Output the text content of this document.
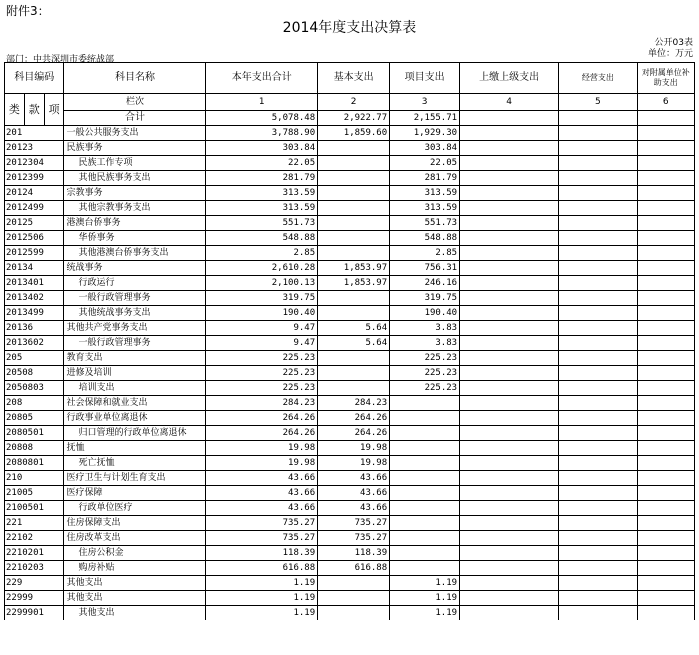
附件3：
2014年度支出决算表
部门：中共深圳市委统战部
公开03表
单位：万元
科目编码			科目名称	本年支出合计	基本支出	项目支出	上缴上级支出	经营支出	对附属单位补助支出
类	款	项	栏次	1	2	3	4	5	6
			合计	5,078.48	2,922.77	2,155.71			
201			一般公共服务支出	3,788.90	1,859.60	1,929.30			
20123			民族事务	303.84		303.84			
2012304			民族工作专项	22.05		22.05			
2012399			其他民族事务支出	281.79		281.79			
20124			宗教事务	313.59		313.59			
2012499			其他宗教事务支出	313.59		313.59			
20125			港澳台侨事务	551.73		551.73			
2012506			华侨事务	548.88		548.88			
2012599			其他港澳台侨事务支出	2.85		2.85			
20134			统战事务	2,610.28	1,853.97	756.31			
2013401			行政运行	2,100.13	1,853.97	246.16			
2013402			一般行政管理事务	319.75		319.75			
2013499			其他统战事务支出	190.40		190.40			
20136			其他共产党事务支出	9.47	5.64	3.83			
2013602			一般行政管理事务	9.47	5.64	3.83			
205			教育支出	225.23		225.23			
20508			进修及培训	225.23		225.23			
2050803			培训支出	225.23		225.23			
208			社会保障和就业支出	284.23	284.23				
20805			行政事业单位离退休	264.26	264.26				
2080501			归口管理的行政单位离退休	264.26	264.26				
20808			抚恤	19.98	19.98				
2080801			死亡抚恤	19.98	19.98				
210			医疗卫生与计划生育支出	43.66	43.66				
21005			医疗保障	43.66	43.66				
2100501			行政单位医疗	43.66	43.66				
221			住房保障支出	735.27	735.27				
22102			住房改革支出	735.27	735.27				
2210201			住房公积金	118.39	118.39				
2210203			购房补贴	616.88	616.88				
229			其他支出	1.19		1.19			
22999			其他支出	1.19		1.19			
2299901			其他支出	1.19		1.19			
